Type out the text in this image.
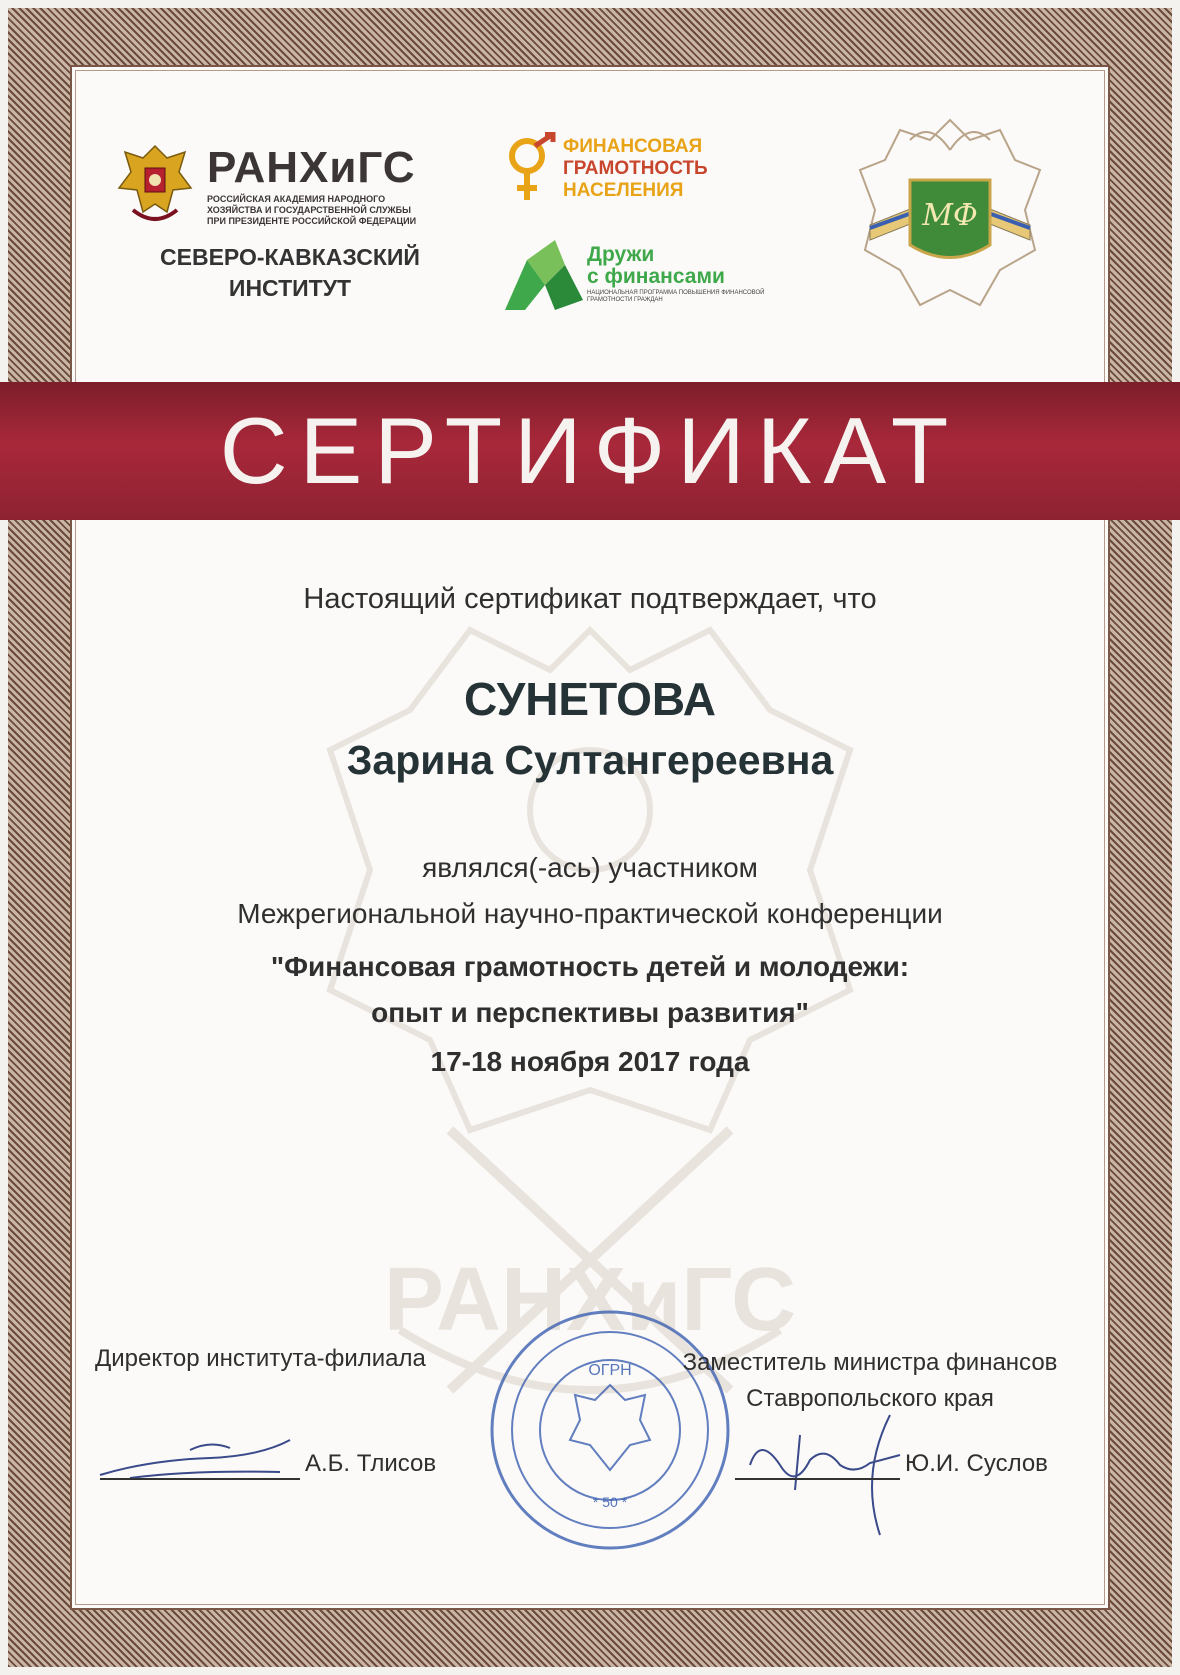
РАНХиГС
РОССИЙСКАЯ АКАДЕМИЯ НАРОДНОГО ХОЗЯЙСТВА И ГОСУДАРСТВЕННОЙ СЛУЖБЫ ПРИ ПРЕЗИДЕНТЕ РОССИЙСКОЙ ФЕДЕРАЦИИ
СЕВЕРО-КАВКАЗСКИЙ
ИНСТИТУТ
ФИНАНСОВАЯ
ГРАМОТНОСТЬ
НАСЕЛЕНИЯ
Дружи
с финансами
НАЦИОНАЛЬНАЯ ПРОГРАММА ПОВЫШЕНИЯ ФИНАНСОВОЙ ГРАМОТНОСТИ ГРАЖДАН
МФ
РАНХиГС
СЕРТИФИКАТ
Настоящий сертификат подтверждает, что
СУНЕТОВА
Зарина Султангереевна
являлся(-ась) участником
Межрегиональной научно-практической конференции
"Финансовая грамотность детей и молодежи:
опыт и перспективы развития"
17-18 ноября 2017 года
ОГРН
* 50 *
Директор института-филиала
А.Б. Тлисов
Заместитель министра финансов
Ставропольского края
Ю.И. Суслов
